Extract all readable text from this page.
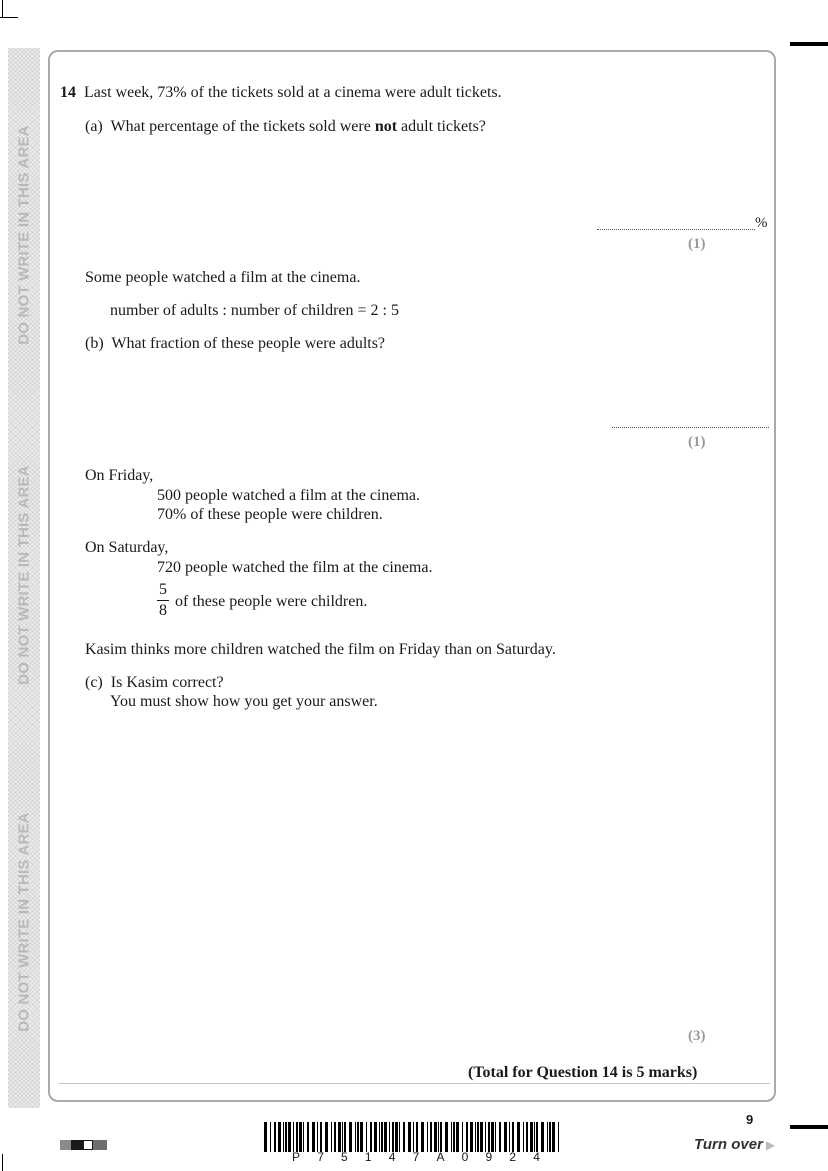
DO NOT WRITE IN THIS AREA
DO NOT WRITE IN THIS AREA
DO NOT WRITE IN THIS AREA
14 Last week, 73% of the tickets sold at a cinema were adult tickets.
(a) What percentage of the tickets sold were not adult tickets?
%
(1)
Some people watched a film at the cinema.
number of adults : number of children = 2 : 5
(b) What fraction of these people were adults?
(1)
On Friday,
500 people watched a film at the cinema.
70% of these people were children.
On Saturday,
720 people watched the film at the cinema.
5
8
of these people were children.
Kasim thinks more children watched the film on Friday than on Saturday.
(c) Is Kasim correct?
You must show how you get your answer.
(3)
(Total for Question 14 is 5 marks)
P 7 5 1 4 7 A 0 9 2 4
9
Turn over ▶
